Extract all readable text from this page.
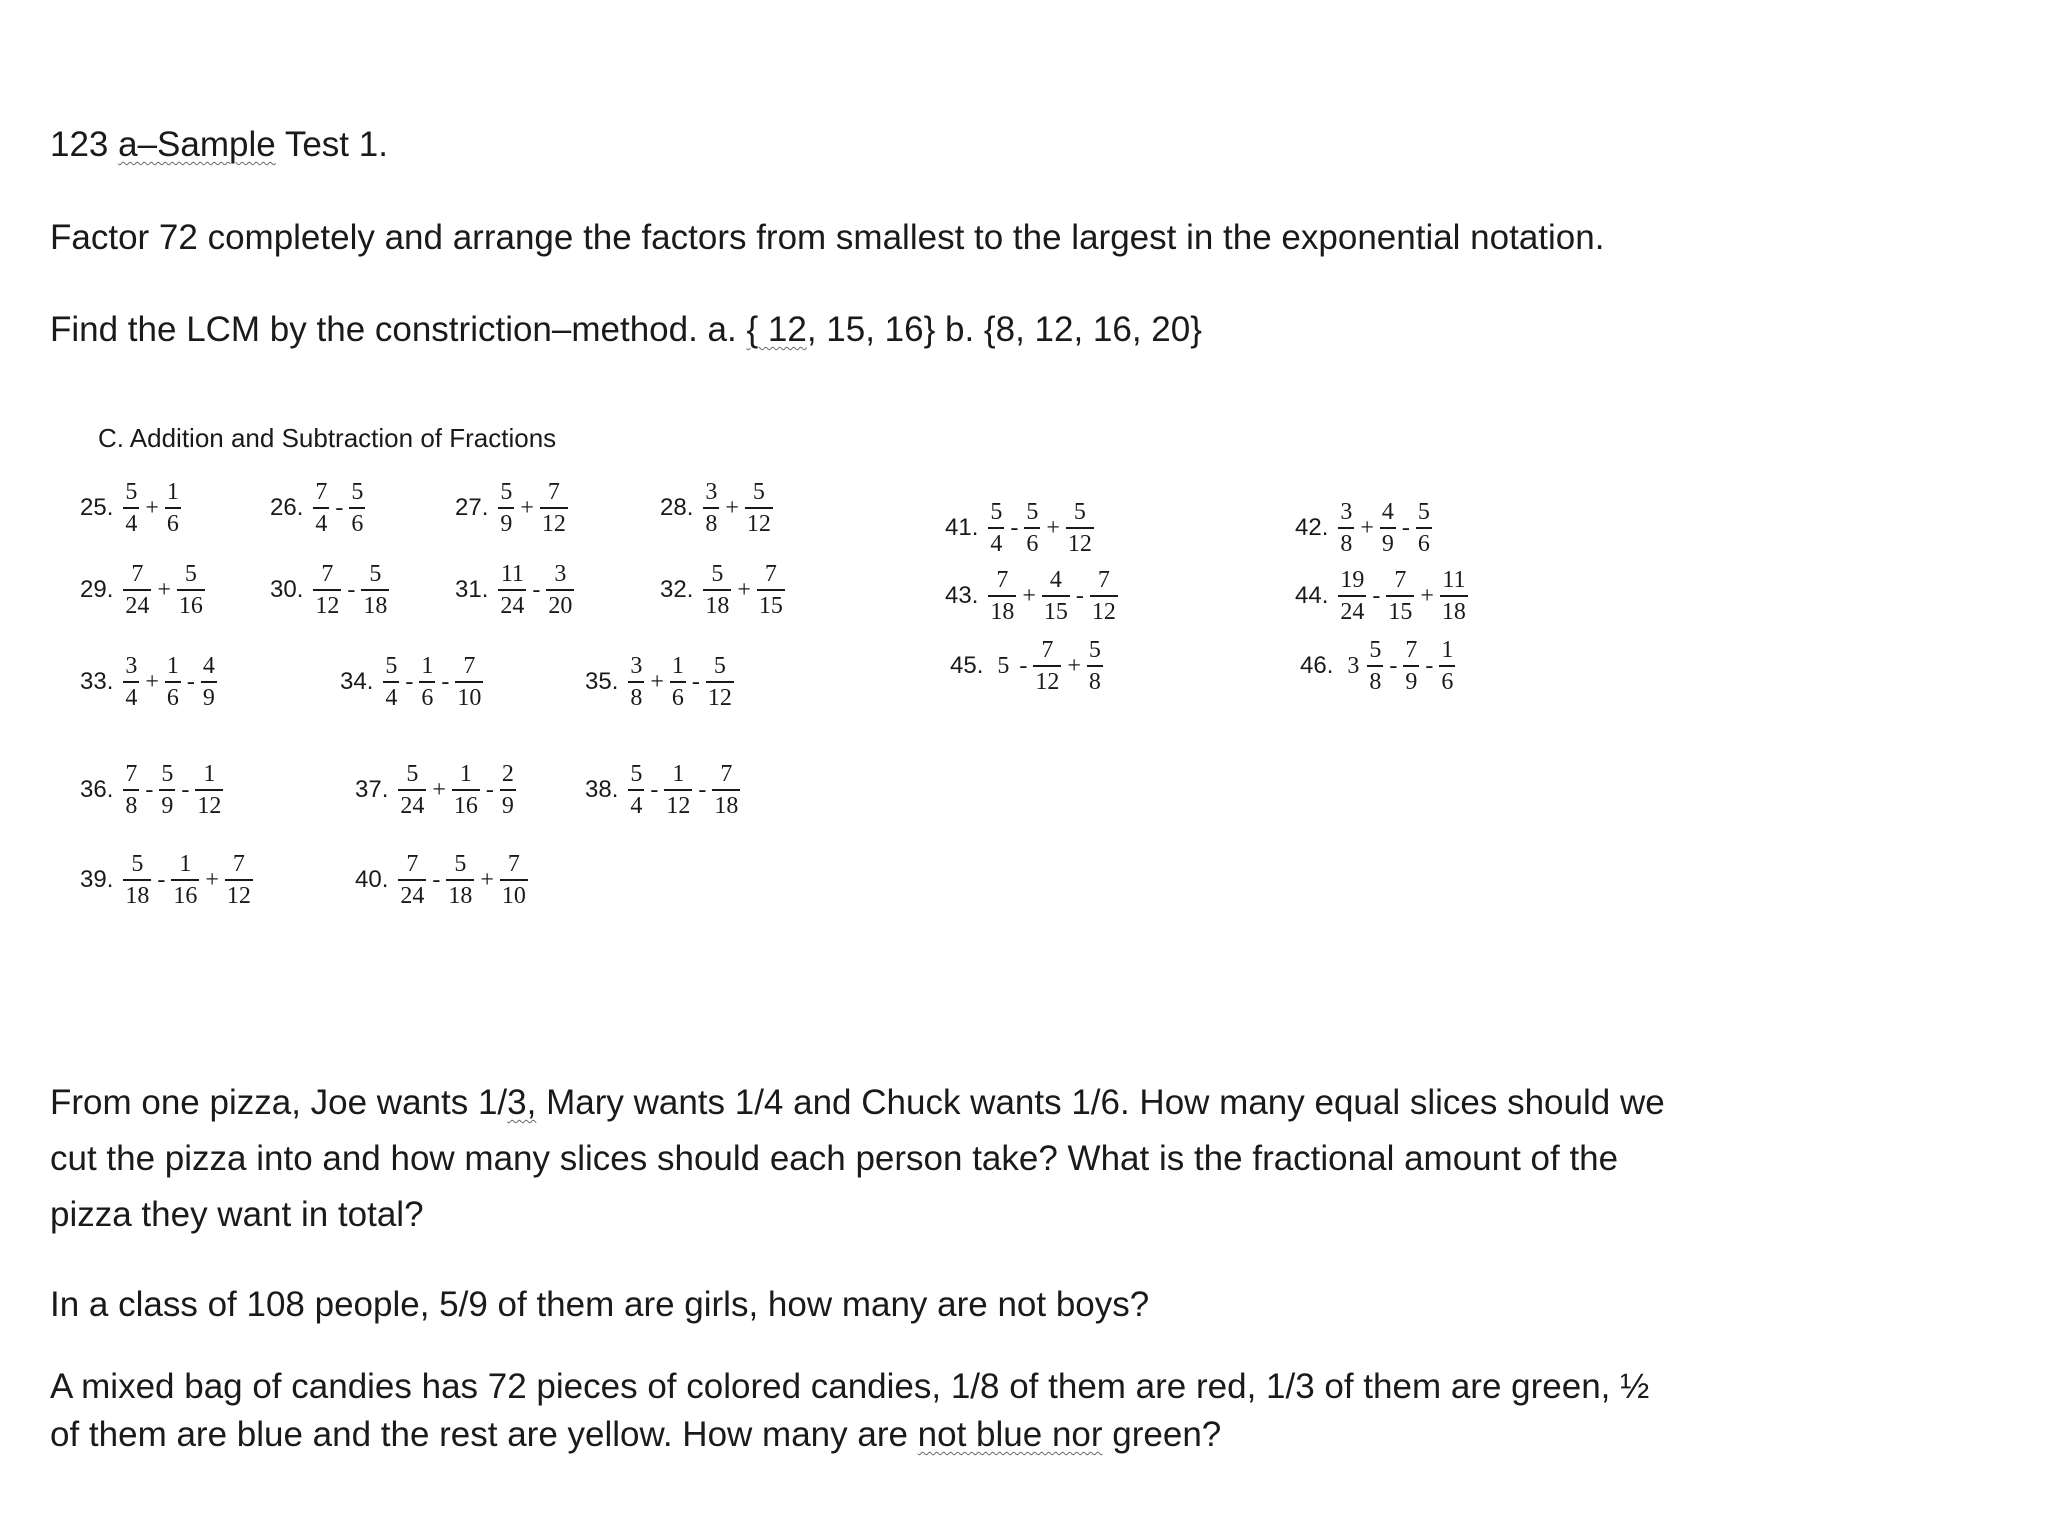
123 a–Sample Test 1.
Factor 72 completely and arrange the factors from smallest to the largest in the exponential notation.
Find the LCM by the constriction–method. a. { 12, 15, 16} b. {8, 12, 16, 20}
C. Addition and Subtraction of Fractions
25. $\frac{5}{4} + \frac{1}{6}$	26. $\frac{7}{4} - \frac{5}{6}$	27. $\frac{5}{9} + \frac{7}{12}$	28. $\frac{3}{8} + \frac{5}{12}$
29. $\frac{7}{24} + \frac{5}{16}$	30. $\frac{7}{12} - \frac{5}{18}$	31. $\frac{11}{24} - \frac{3}{20}$	32. $\frac{5}{18} + \frac{7}{15}$
33. $\frac{3}{4} + \frac{1}{6} - \frac{4}{9}$	34. $\frac{5}{4} - \frac{1}{6} - \frac{7}{10}$	35. $\frac{3}{8} + \frac{1}{6} - \frac{5}{12}$
36. $\frac{7}{8} - \frac{5}{9} - \frac{1}{12}$	37. $\frac{5}{24} + \frac{1}{16} - \frac{2}{9}$	38. $\frac{5}{4} - \frac{1}{12} - \frac{7}{18}$
39. $\frac{5}{18} - \frac{1}{16} + \frac{7}{12}$	40. $\frac{7}{24} - \frac{5}{18} + \frac{7}{10}$
41. $\frac{5}{4} - \frac{5}{6} + \frac{5}{12}$	42. $\frac{3}{8} + \frac{4}{9} - \frac{5}{6}$
43. $\frac{7}{18} + \frac{4}{15} - \frac{7}{12}$	44. $\frac{19}{24} - \frac{7}{15} + \frac{11}{18}$
45. $5 - \frac{7}{12} + \frac{5}{8}$	46. $3 \frac{5}{8} - \frac{7}{9} - \frac{1}{6}$
From one pizza, Joe wants 1/3, Mary wants 1/4 and Chuck wants 1/6. How many equal slices should we
cut the pizza into and how many slices should each person take? What is the fractional amount of the
pizza they want in total?
In a class of 108 people, 5/9 of them are girls, how many are not boys?
A mixed bag of candies has 72 pieces of colored candies, 1/8 of them are red, 1/3 of them are green, ½
of them are blue and the rest are yellow. How many are not blue nor green?
